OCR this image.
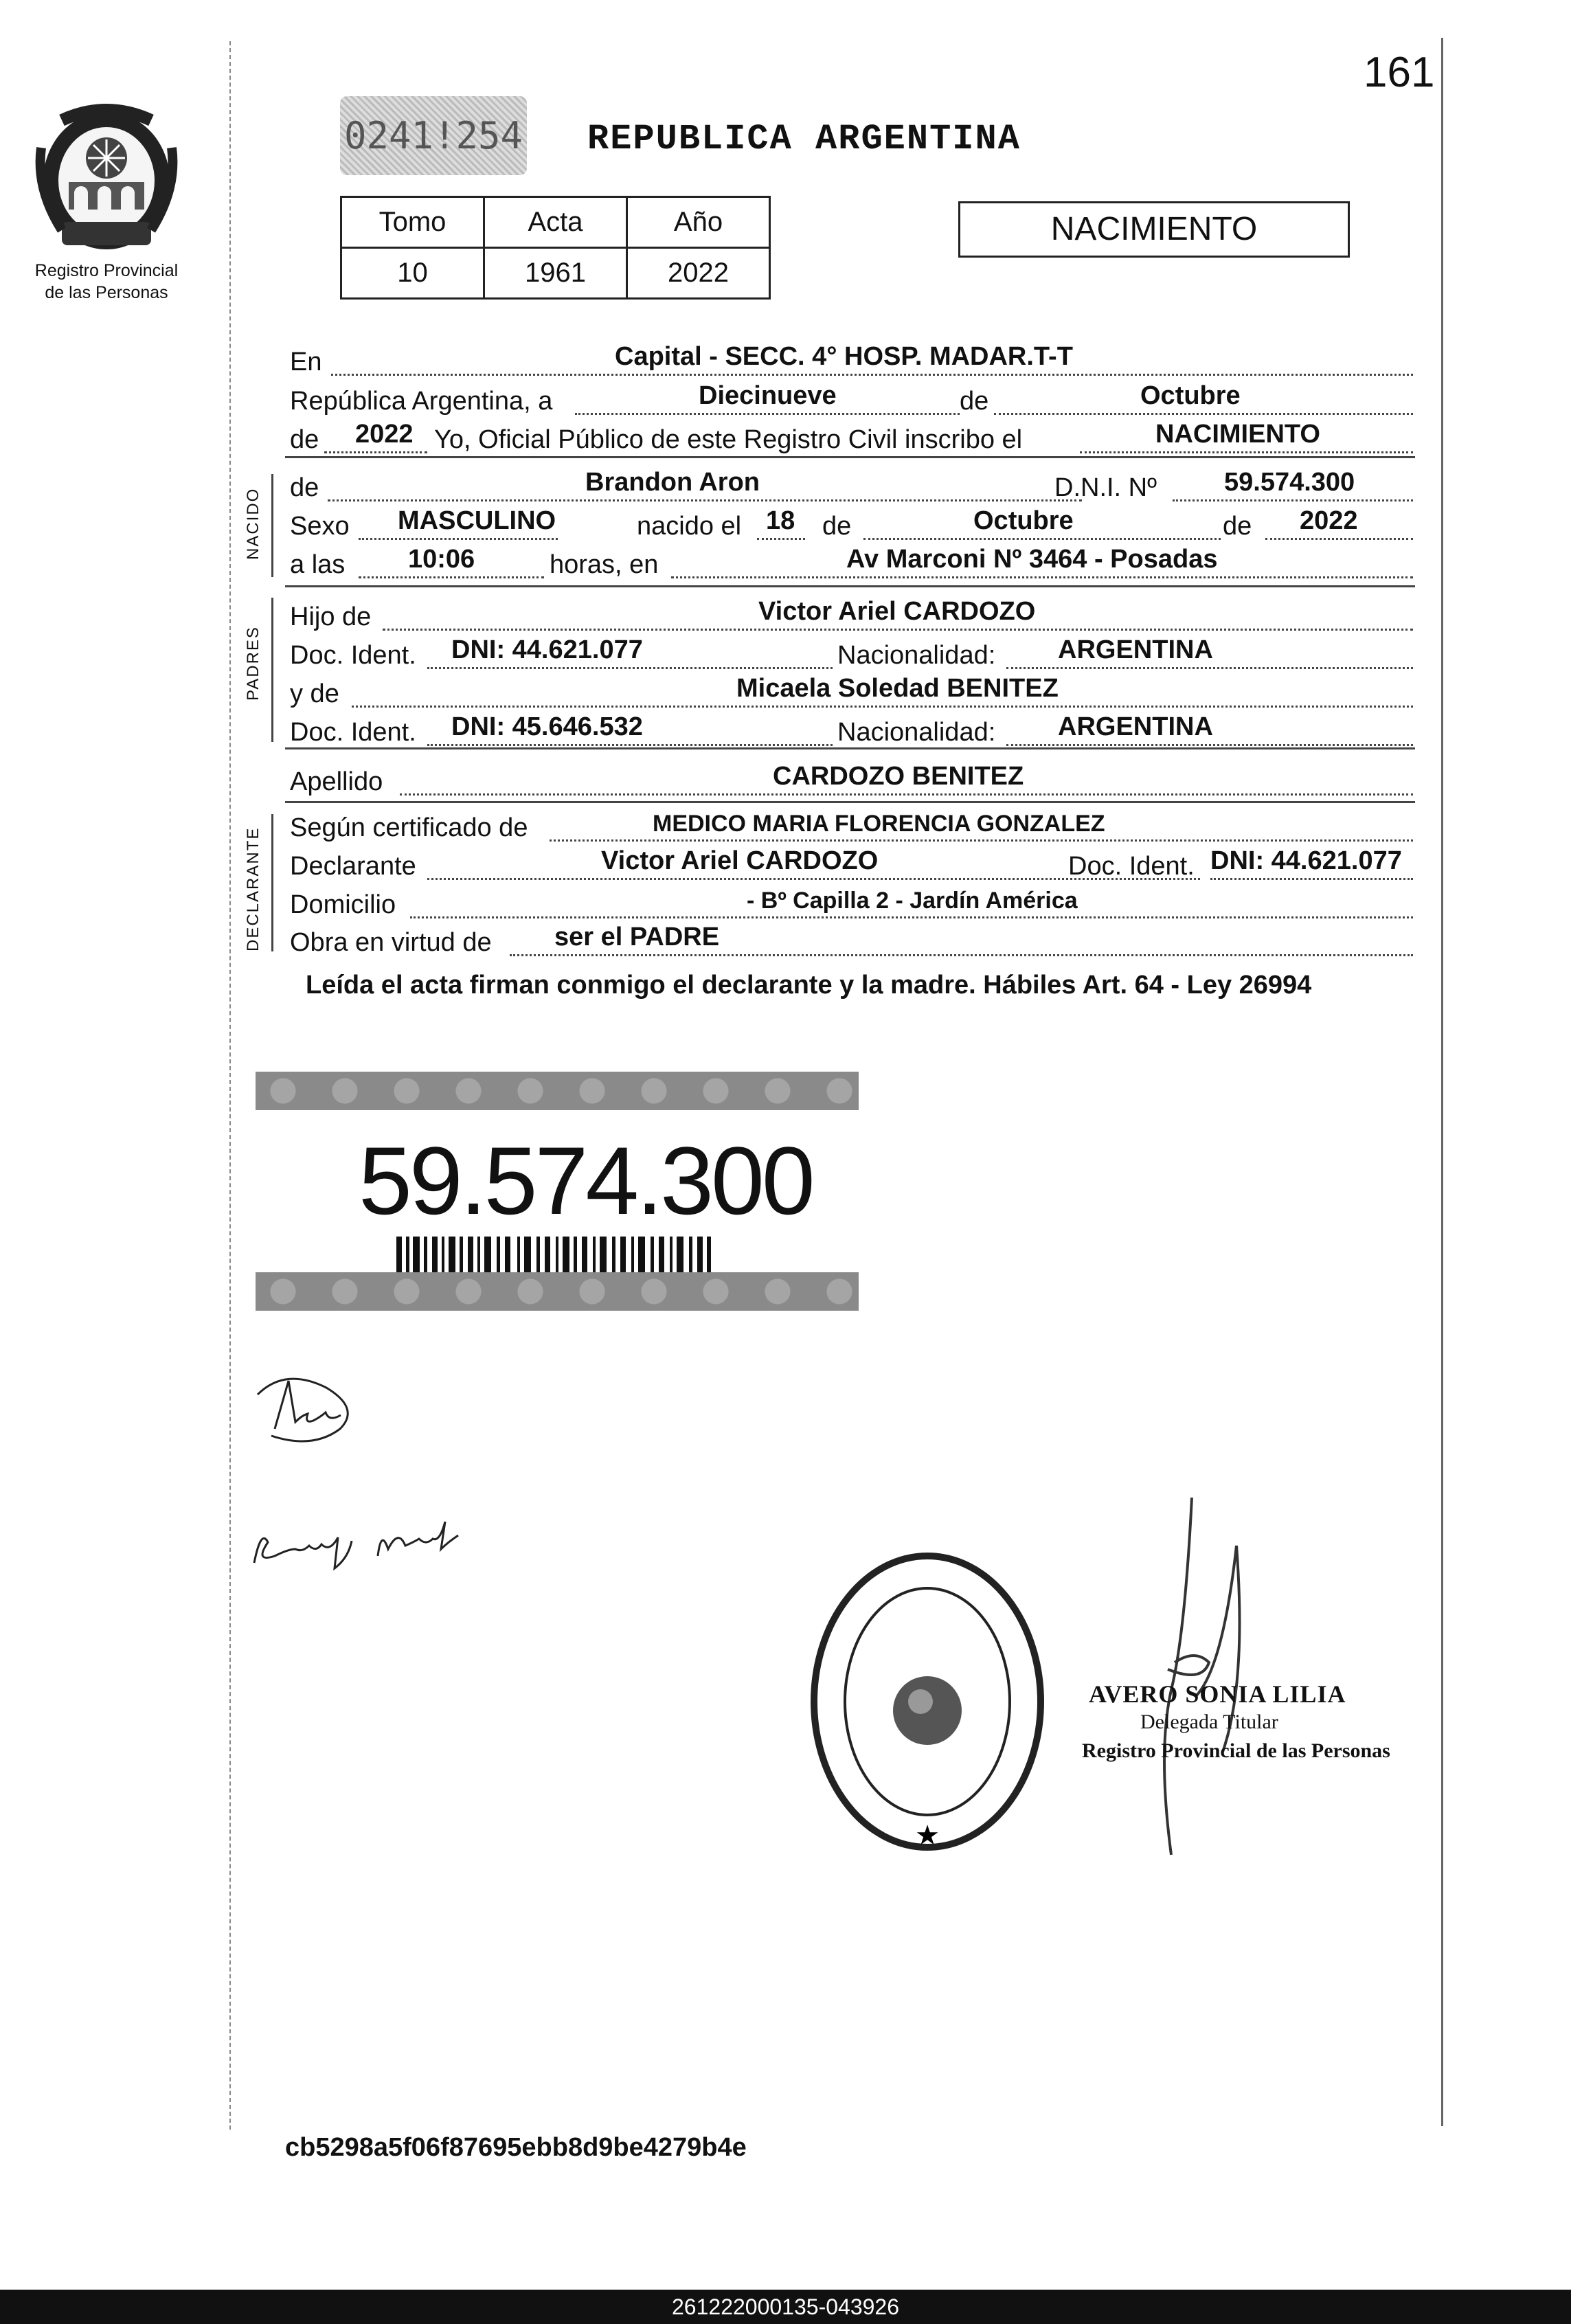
161
Registro Provincial
de las Personas
0241!254 REPUBLICA ARGENTINA
Tomo	Acta	Año
10	1961	2022
NACIMIENTO
En	Capital - SECC. 4° HOSP. MADAR.T-T
República Argentina, a	Diecinueve	de	Octubre
de 2022 Yo, Oficial Público de este Registro Civil inscribo el	NACIMIENTO
NACIDO de	Brandon Aron	D.N.I. Nº	59.574.300
Sexo MASCULINO	nacido el 18 de	Octubre	de 2022
a las 10:06	horas, en	Av Marconi Nº 3464 - Posadas
PADRES
Hijo de	Victor Ariel CARDOZO
Doc. Ident. DNI: 44.621.077	Nacionalidad: ARGENTINA
y de	Micaela Soledad BENITEZ
Doc. Ident. DNI: 45.646.532	Nacionalidad: ARGENTINA
Apellido	CARDOZO BENITEZ
DECLARANTE Según certificado de	MEDICO MARIA FLORENCIA GONZALEZ
Declarante	Victor Ariel CARDOZO	Doc. Ident. DNI: 44.621.077
Domicilio	- Bº Capilla 2 - Jardín América
Obra en virtud de ser el PADRE
Leída el acta firman conmigo el declarante y la madre. Hábiles Art. 64 - Ley 26994
59.574.300
★
AVERO SONIA LILIA
Delegada Titular
Registro Provincial de las Personas
cb5298a5f06f87695ebb8d9be4279b4e
261222000135-043926
